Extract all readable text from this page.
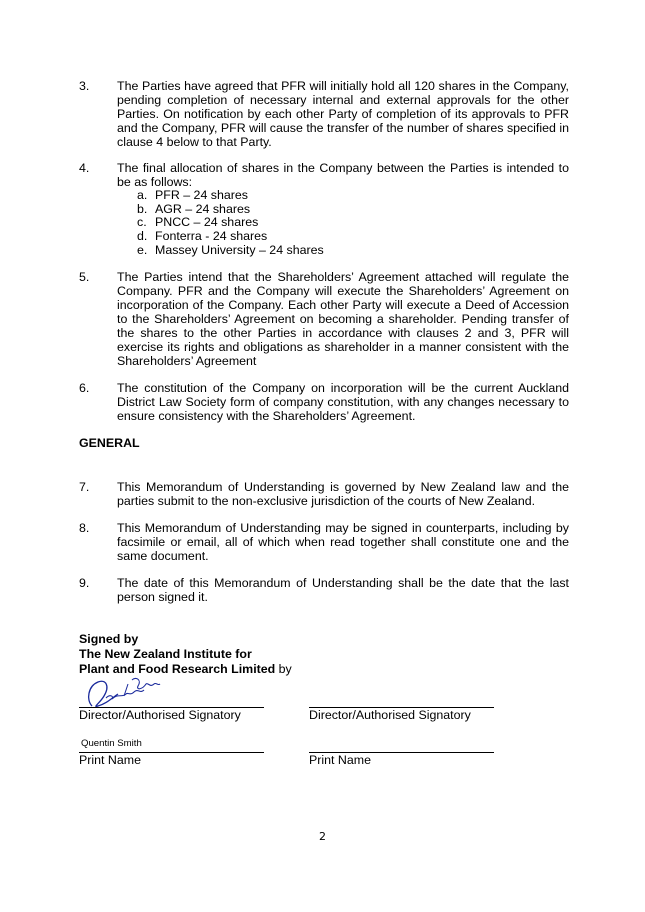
3. The Parties have agreed that PFR will initially hold all 120 shares in the Company, pending completion of necessary internal and external approvals for the other Parties. On notification by each other Party of completion of its approvals to PFR and the Company, PFR will cause the transfer of the number of shares specified in clause 4 below to that Party.
4. The final allocation of shares in the Company between the Parties is intended to be as follows:
a. PFR – 24 shares
b. AGR – 24 shares
c. PNCC – 24 shares
d. Fonterra - 24 shares
e. Massey University – 24 shares
5. The Parties intend that the Shareholders’ Agreement attached will regulate the Company. PFR and the Company will execute the Shareholders’ Agreement on incorporation of the Company. Each other Party will execute a Deed of Accession to the Shareholders’ Agreement on becoming a shareholder. Pending transfer of the shares to the other Parties in accordance with clauses 2 and 3, PFR will exercise its rights and obligations as shareholder in a manner consistent with the Shareholders’ Agreement
6. The constitution of the Company on incorporation will be the current Auckland District Law Society form of company constitution, with any changes necessary to ensure consistency with the Shareholders’ Agreement.
GENERAL
7. This Memorandum of Understanding is governed by New Zealand law and the parties submit to the non-exclusive jurisdiction of the courts of New Zealand.
8. This Memorandum of Understanding may be signed in counterparts, including by facsimile or email, all of which when read together shall constitute one and the same document.
9. The date of this Memorandum of Understanding shall be the date that the last person signed it.
Signed by
The New Zealand Institute for
Plant and Food Research Limited by
Director/Authorised Signatory	Director/Authorised Signatory
Quentin Smith
Print Name	Print Name
2
